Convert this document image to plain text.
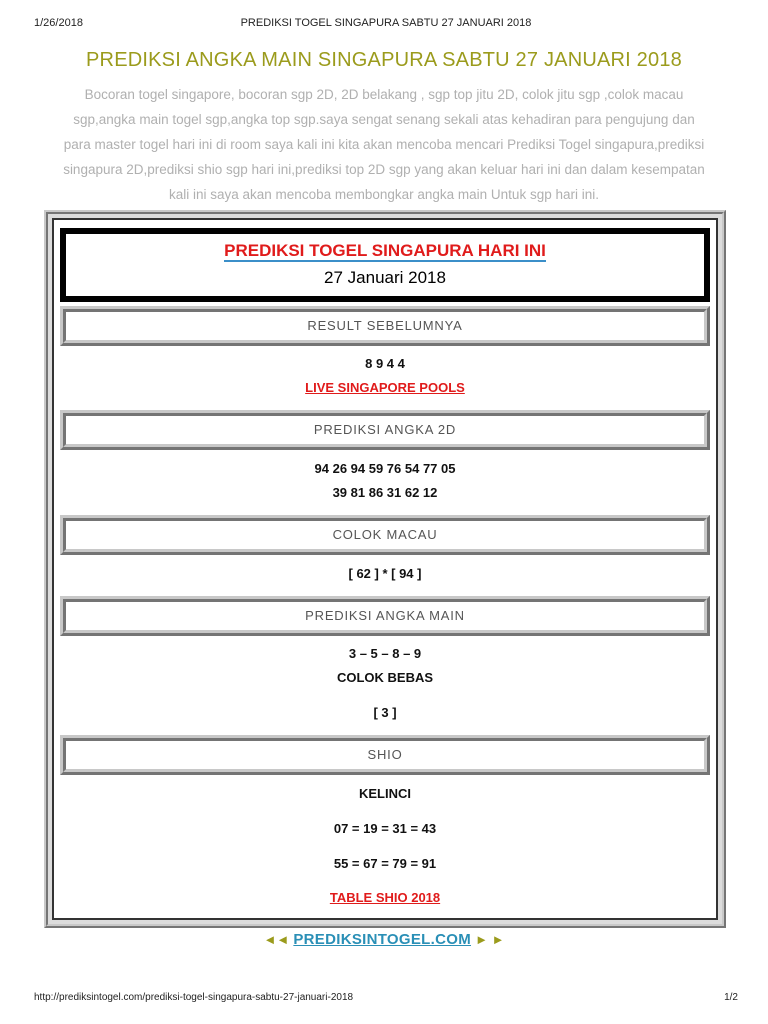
1/26/2018	PREDIKSI TOGEL SINGAPURA SABTU 27 JANUARI 2018
PREDIKSI ANGKA MAIN SINGAPURA SABTU 27 JANUARI 2018
Bocoran togel singapore, bocoran sgp 2D, 2D belakang , sgp top jitu 2D, colok jitu sgp ,colok macau
sgp,angka main togel sgp,angka top sgp.saya sengat senang sekali atas kehadiran para pengujung dan
para master togel hari ini di room saya kali ini kita akan mencoba mencari Prediksi Togel singapura,prediksi
singapura 2D,prediksi shio sgp hari ini,prediksi top 2D sgp yang akan keluar hari ini dan dalam kesempatan
kali ini saya akan mencoba membongkar angka main Untuk sgp hari ini.
PREDIKSI TOGEL SINGAPURA HARI INI
27 Januari 2018
RESULT SEBELUMNYA
8 9 4 4
LIVE SINGAPORE POOLS
PREDIKSI ANGKA 2D
94 26 94 59 76 54 77 05
39 81 86 31 62 12
COLOK MACAU
[ 62 ] * [ 94 ]
PREDIKSI ANGKA MAIN
3 – 5 – 8 – 9
COLOK BEBAS
[ 3 ]
SHIO
KELINCI
07 = 19 = 31 = 43
55 = 67 = 79 = 91
TABLE SHIO 2018
◄◄ PREDIKSINTOGEL.COM ► ►
http://prediksintogel.com/prediksi-togel-singapura-sabtu-27-januari-2018	1/2
